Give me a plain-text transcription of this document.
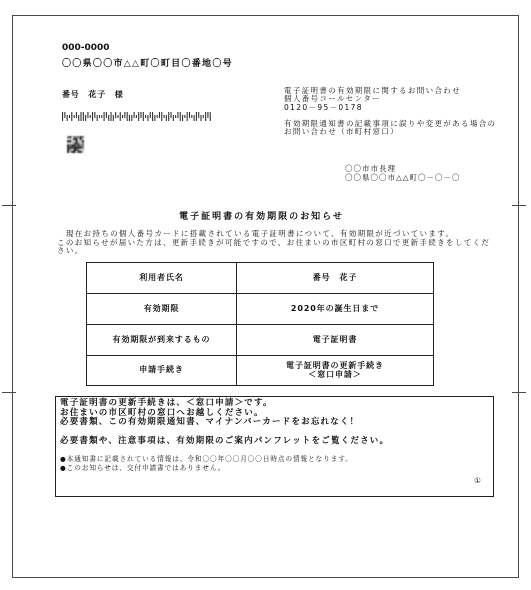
000-0000
〇〇県〇〇市△△町〇町目〇番地〇号
番号　花子　様	電子証明書の有効期限に関するお問い合わせ
個人番号コールセンター
0120－95－0178
有効期限通知書の記載事項に誤りや変更がある場合の
お問い合わせ（市町村窓口）
〇〇市市長理
〇〇県〇〇市△△町〇－〇－〇
電子証明書の有効期限のお知らせ
　現在お持ちの個人番号カードに搭載されている電子証明書について、有効期限が近づいています。
このお知らせが届いた方は、更新手続きが可能ですので、お住まいの市区町村の窓口で更新手続きをしてくだ
さい。
利用者氏名	番号　花子

有効期限	2020年の誕生日まで

有効期限が到来するもの	電子証明書

申請手続き	電子証明書の更新手続き
＜窓口申請＞
電子証明書の更新手続きは、＜窓口申請＞です。
お住まいの市区町村の窓口へお越しください。
必要書類、この有効期限通知書、マイナンバーカードをお忘れなく！
必要書類や、注意事項は、有効期限のご案内パンフレットをご覧ください。
●本通知書に記載されている情報は、令和〇〇年〇〇月〇〇日時点の情報となります。
●このお知らせは、交付申請書ではありません。
①
